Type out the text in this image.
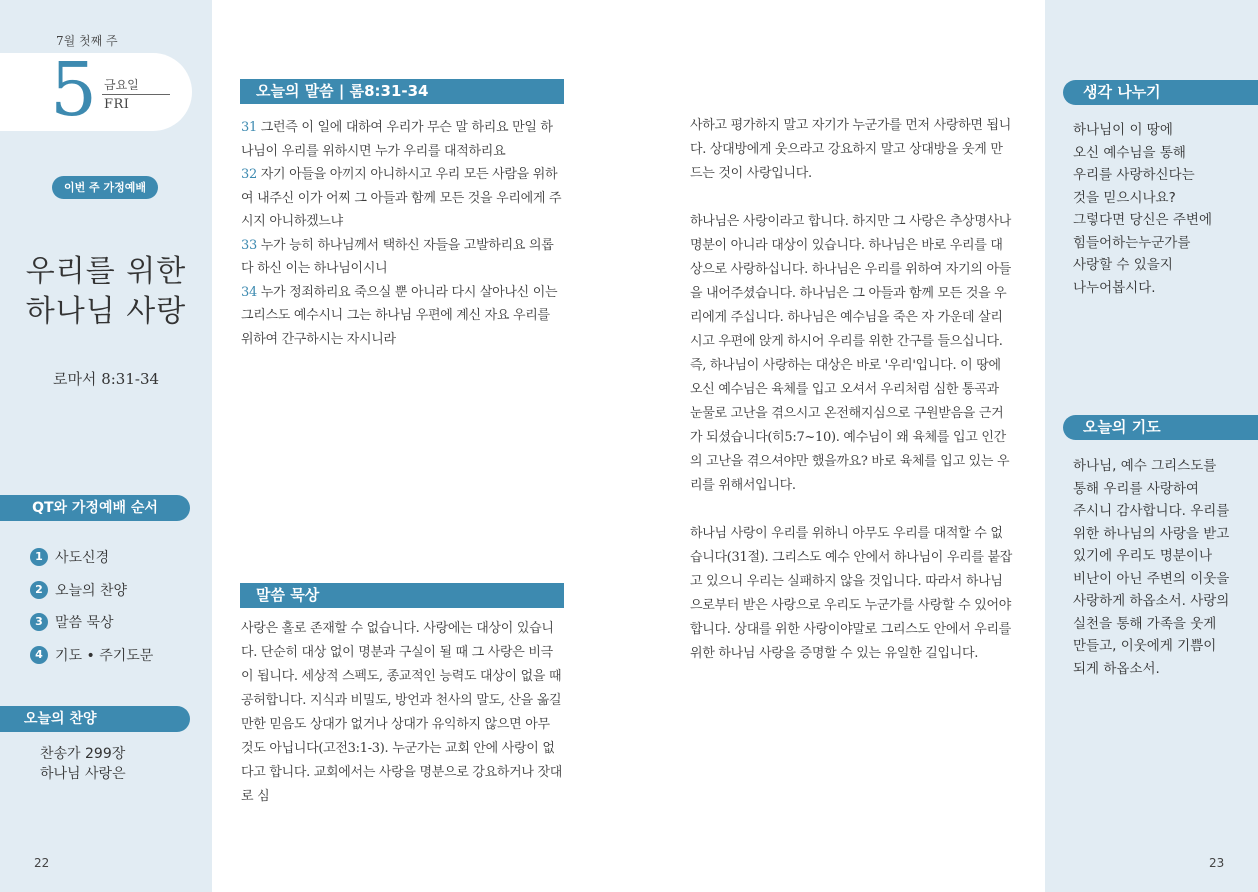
7월 첫째 주
5 금요일
FRI
이번 주 가정예배
우리를 위한
하나님 사랑
로마서 8:31-34
QT와 가정예배 순서
1 사도신경
2 오늘의 찬양
3 말씀 묵상
4 기도 • 주기도문
오늘의 찬양
찬송가 299장
하나님 사랑은
22
오늘의 말씀 | 롬8:31-34
31 그런즉 이 일에 대하여 우리가 무슨 말 하리요 만일 하나님이 우리를 위하시면 누가 우리를 대적하리요
32 자기 아들을 아끼지 아니하시고 우리 모든 사람을 위하여 내주신 이가 어찌 그 아들과 함께 모든 것을 우리에게 주시지 아니하겠느냐
33 누가 능히 하나님께서 택하신 자들을 고발하리요 의롭다 하신 이는 하나님이시니
34 누가 정죄하리요 죽으실 뿐 아니라 다시 살아나신 이는 그리스도 예수시니 그는 하나님 우편에 계신 자요 우리를 위하여 간구하시는 자시니라
말씀 묵상
사랑은 홀로 존재할 수 없습니다. 사랑에는 대상이 있습니다. 단순히 대상 없이 명분과 구실이 될 때 그 사랑은 비극이 됩니다. 세상적 스펙도, 종교적인 능력도 대상이 없을 때 공허합니다. 지식과 비밀도, 방언과 천사의 말도, 산을 옮길 만한 믿음도 상대가 없거나 상대가 유익하지 않으면 아무 것도 아닙니다(고전3:1-3). 누군가는 교회 안에 사랑이 없다고 합니다. 교회에서는 사랑을 명분으로 강요하거나 잣대로 심

사하고 평가하지 말고 자기가 누군가를 먼저 사랑하면 됩니다. 상대방에게 웃으라고 강요하지 말고 상대방을 웃게 만드는 것이 사랑입니다.

하나님은 사랑이라고 합니다. 하지만 그 사랑은 추상명사나 명분이 아니라 대상이 있습니다. 하나님은 바로 우리를 대상으로 사랑하십니다. 하나님은 우리를 위하여 자기의 아들을 내어주셨습니다. 하나님은 그 아들과 함께 모든 것을 우리에게 주십니다. 하나님은 예수님을 죽은 자 가운데 살리시고 우편에 앉게 하시어 우리를 위한 간구를 들으십니다. 즉, 하나님이 사랑하는 대상은 바로 '우리'입니다. 이 땅에 오신 예수님은 육체를 입고 오셔서 우리처럼 심한 통곡과 눈물로 고난을 겪으시고 온전해지심으로 구원받음을 근거가 되셨습니다(히5:7~10). 예수님이 왜 육체를 입고 인간의 고난을 겪으셔야만 했을까요? 바로 육체를 입고 있는 우리를 위해서입니다.

하나님 사랑이 우리를 위하니 아무도 우리를 대적할 수 없습니다(31절). 그리스도 예수 안에서 하나님이 우리를 붙잡고 있으니 우리는 실패하지 않을 것입니다. 따라서 하나님으로부터 받은 사랑으로 우리도 누군가를 사랑할 수 있어야 합니다. 상대를 위한 사랑이야말로 그리스도 안에서 우리를 위한 하나님 사랑을 증명할 수 있는 유일한 길입니다.

23
생각 나누기
하나님이 이 땅에
오신 예수님을 통해
우리를 사랑하신다는
것을 믿으시나요?
그렇다면 당신은 주변에
힘들어하는누군가를
사랑할 수 있을지
나누어봅시다.
오늘의 기도
하나님, 예수 그리스도를
통해 우리를 사랑하여
주시니 감사합니다. 우리를
위한 하나님의 사랑을 받고
있기에 우리도 명분이나
비난이 아닌 주변의 이웃을
사랑하게 하옵소서. 사랑의
실천을 통해 가족을 웃게
만들고, 이웃에게 기쁨이
되게 하옵소서.
